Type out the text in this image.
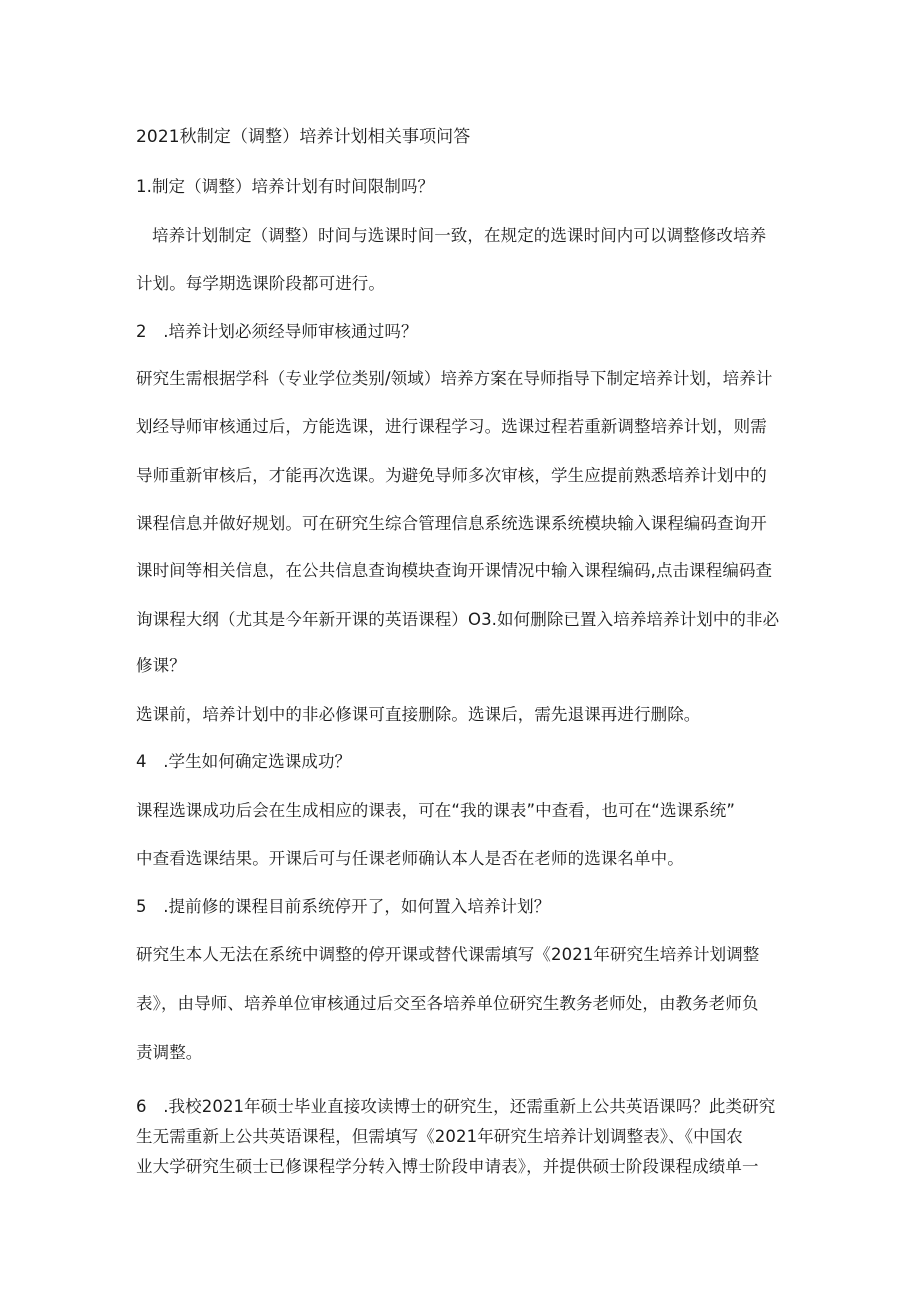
2021秋制定（调整）培养计划相关事项问答
1.制定（调整）培养计划有时间限制吗？
培养计划制定（调整）时间与选课时间一致，在规定的选课时间内可以调整修改培养
计划。每学期选课阶段都可进行。
2　.培养计划必须经导师审核通过吗？
研究生需根据学科（专业学位类别/领域）培养方案在导师指导下制定培养计划，培养计
划经导师审核通过后，方能选课，进行课程学习。选课过程若重新调整培养计划，则需
导师重新审核后，才能再次选课。为避免导师多次审核，学生应提前熟悉培养计划中的
课程信息并做好规划。可在研究生综合管理信息系统选课系统模块输入课程编码查询开
课时间等相关信息，在公共信息查询模块查询开课情况中输入课程编码,点击课程编码查
询课程大纲（尤其是今年新开课的英语课程）O3.如何删除已置入培养培养计划中的非必
修课？
选课前，培养计划中的非必修课可直接删除。选课后，需先退课再进行删除。
4　.学生如何确定选课成功？
课程选课成功后会在生成相应的课表，可在“我的课表”中查看，也可在“选课系统”
中查看选课结果。开课后可与任课老师确认本人是否在老师的选课名单中。
5　.提前修的课程目前系统停开了，如何置入培养计划？
研究生本人无法在系统中调整的停开课或替代课需填写《2021年研究生培养计划调整
表》，由导师、培养单位审核通过后交至各培养单位研究生教务老师处，由教务老师负
责调整。
6　.我校2021年硕士毕业直接攻读博士的研究生，还需重新上公共英语课吗？此类研究
生无需重新上公共英语课程，但需填写《2021年研究生培养计划调整表》、《中国农
业大学研究生硕士已修课程学分转入博士阶段申请表》，并提供硕士阶段课程成绩单一
